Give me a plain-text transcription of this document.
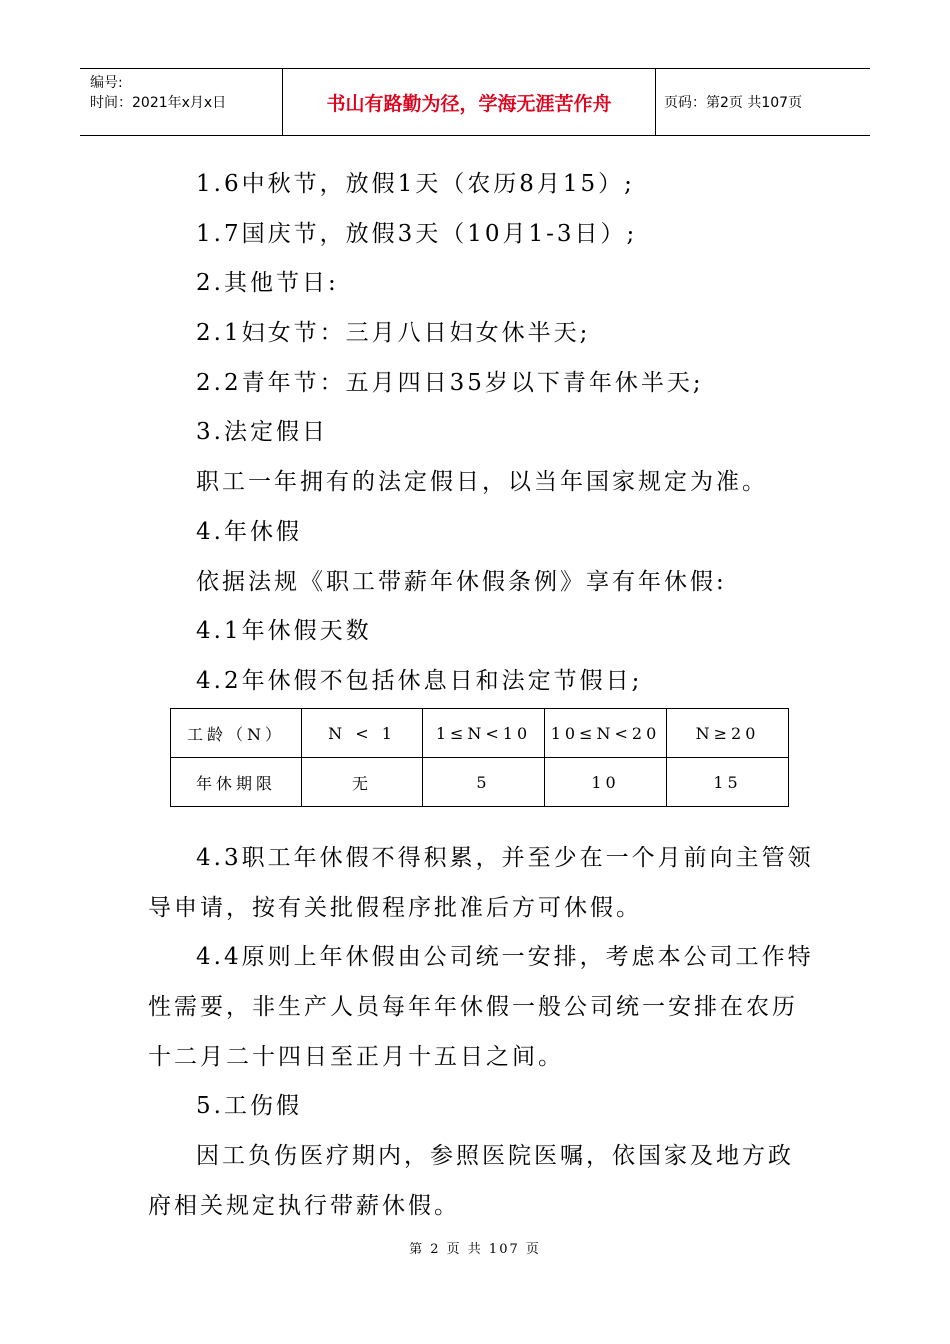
编号:
时间：2021年x月x日	书山有路勤为径，学海无涯苦作舟	页码：第2页 共107页
1.6中秋节，放假1天（农历8月15）;
1.7国庆节，放假3天（10月1-3日）;
2.其他节日:
2.1妇女节：三月八日妇女休半天;
2.2青年节：五月四日35岁以下青年休半天;
3.法定假日
职工一年拥有的法定假日，以当年国家规定为准。
4.年休假
依据法规《职工带薪年休假条例》享有年休假:
4.1年休假天数
4.2年休假不包括休息日和法定节假日;
工龄（N）	N < 1	1≤N<10	10≤N<20	N≥20
年休期限	无	5	10	15
4.3职工年休假不得积累，并至少在一个月前向主管领
导申请，按有关批假程序批准后方可休假。
4.4原则上年休假由公司统一安排，考虑本公司工作特
性需要，非生产人员每年年休假一般公司统一安排在农历
十二月二十四日至正月十五日之间。
5.工伤假
因工负伤医疗期内，参照医院医嘱，依国家及地方政
府相关规定执行带薪休假。
第 2 页 共 107 页
